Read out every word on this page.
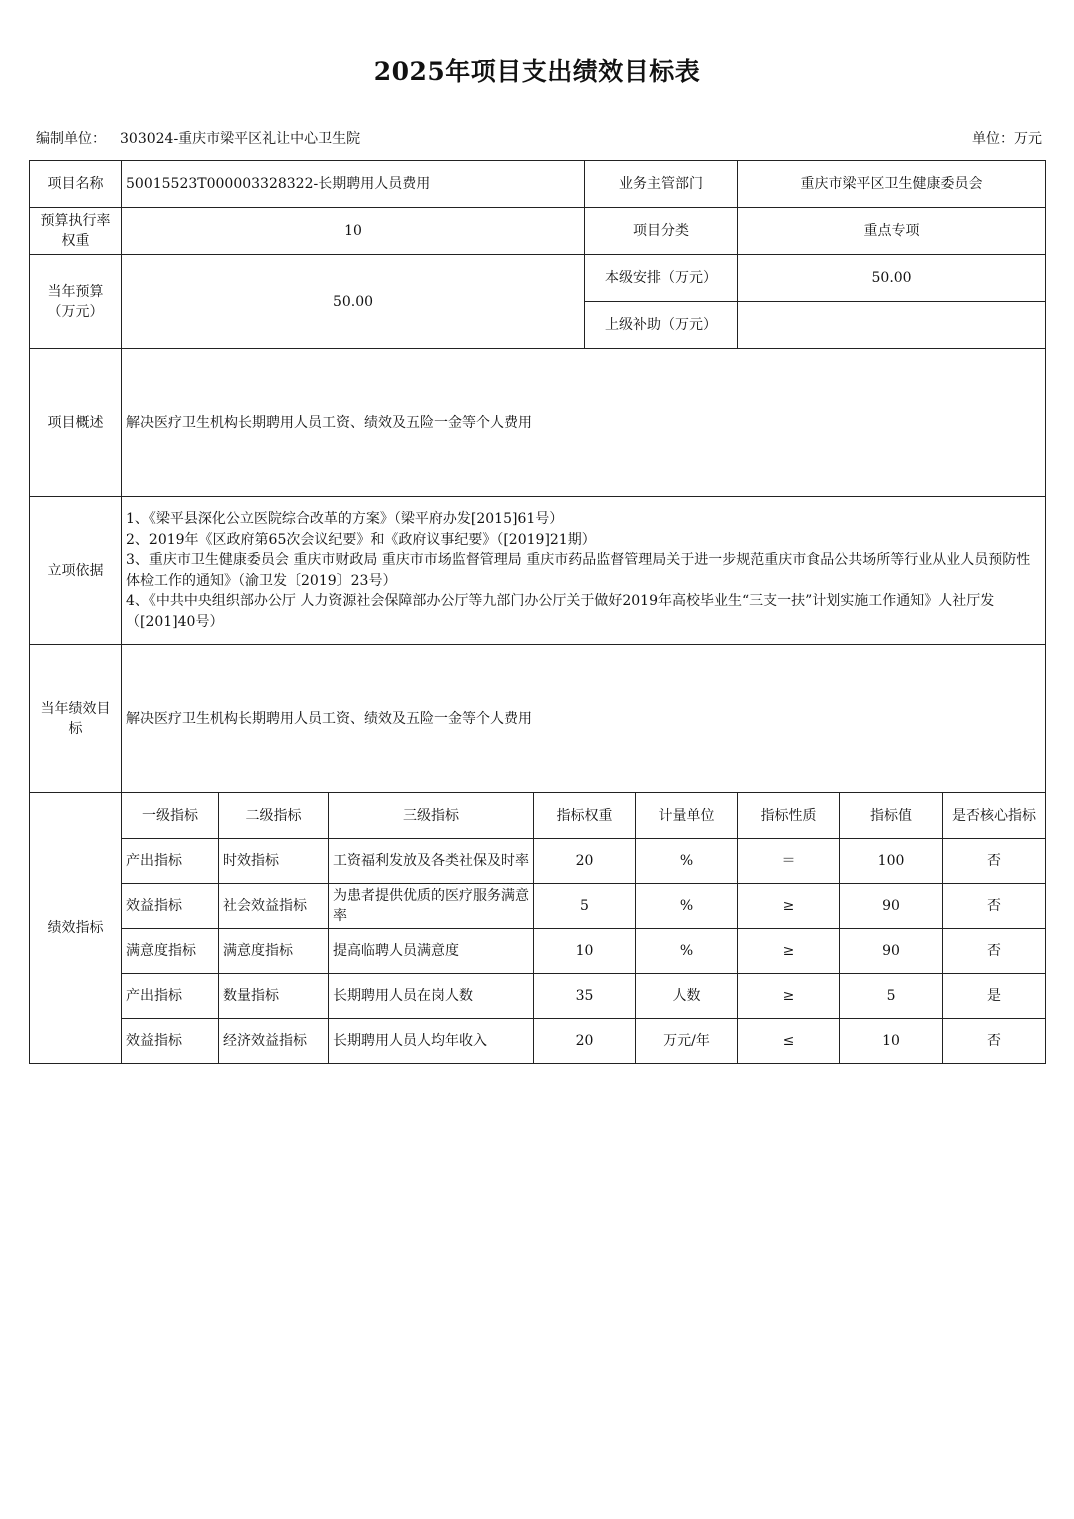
2025年项目支出绩效目标表
编制单位： 303024-重庆市梁平区礼让中心卫生院	单位：万元
项目名称	50015523T000003328322-长期聘用人员费用				业务主管部门		重庆市梁平区卫生健康委员会		
预算执行率权重	10				项目分类		重点专项		
当年预算（万元）	50.00				本级安排（万元）		50.00		
					上级补助（万元）				
项目概述	解决医疗卫生机构长期聘用人员工资、绩效及五险一金等个人费用								
立项依据	1、《梁平县深化公立医院综合改革的方案》（梁平府办发[2015]61号）
2、2019年《区政府第65次会议纪要》和《政府议事纪要》（[2019]21期）
3、重庆市卫生健康委员会 重庆市财政局 重庆市市场监督管理局 重庆市药品监督管理局关于进一步规范重庆市食品公共场所等行业从业人员预防性体检工作的通知》（渝卫发〔2019〕23号）
4、《中共中央组织部办公厅 人力资源社会保障部办公厅等九部门办公厅关于做好2019年高校毕业生“三支一扶”计划实施工作通知》人社厅发（[201]40号）								

当年绩效目标	解决医疗卫生机构长期聘用人员工资、绩效及五险一金等个人费用								
绩效指标	一级指标	二级指标	三级指标	指标权重		计量单位	指标性质	指标值	是否核心指标
	产出指标	时效指标	工资福利发放及各类社保及时率	20		%	＝	100	否
	效益指标	社会效益指标	为患者提供优质的医疗服务满意率	5		%	≥	90	否
	满意度指标	满意度指标	提高临聘人员满意度	10		%	≥	90	否
	产出指标	数量指标	长期聘用人员在岗人数	35		人数	≥	5	是
	效益指标	经济效益指标	长期聘用人员人均年收入	20		万元/年	≤	10	否
